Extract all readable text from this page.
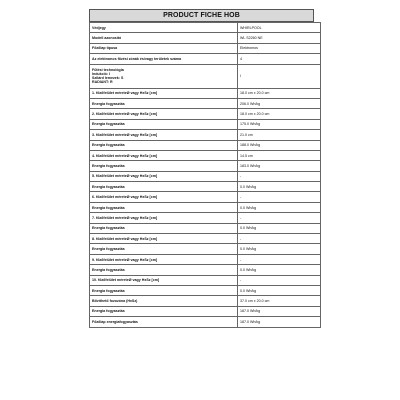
PRODUCT FICHE HOB
Védjegy	WHIRLPOOL
Modell azonosító	WL S2260 NE
Főzőlap típusa	Elektromos
Az elektromos főzési zónák és/vagy területek száma	4

Fűtési technológia
Indukció: I
Szilárd lemezek: S
RADIANT: R	I
1. főzőfelület méreteØ vagy HxSz [cm]	18.0 cm x 20.0 cm
Energia fogyasztás	206.0 Wh/kg
2. főzőfelület méreteØ vagy HxSz [cm]	18.0 cm x 20.0 cm
Energia fogyasztás	175.0 Wh/kg
3. főzőfelület méreteØ vagy HxSz [cm]	21.0 cm
Energia fogyasztás	188.0 Wh/kg
4. főzőfelület méreteØ vagy HxSz [cm]	14.5 cm
Energia fogyasztás	183.0 Wh/kg
5. főzőfelület méreteØ vagy HxSz [cm]	-
Energia fogyasztás	0.0 Wh/kg
6. főzőfelület méreteØ vagy HxSz [cm]	-
Energia fogyasztás	0.0 Wh/kg
7. főzőfelület méreteØ vagy HxSz [cm]	-
Energia fogyasztás	0.0 Wh/kg
8. főzőfelület méreteØ vagy HxSz [cm]	-
Energia fogyasztás	0.0 Wh/kg
9. főzőfelület méreteØ vagy HxSz [cm]	-
Energia fogyasztás	0.0 Wh/kg
10. főzőfelület méreteØ vagy HxSz [cm]	-
Energia fogyasztás	0.0 Wh/kg
Bővíthető fozozóna (HxSz)	37.0 cm x 20.0 cm
Energia fogyasztás	187.0 Wh/kg
Főzőlap energiafogyasztás	187.0 Wh/kg
